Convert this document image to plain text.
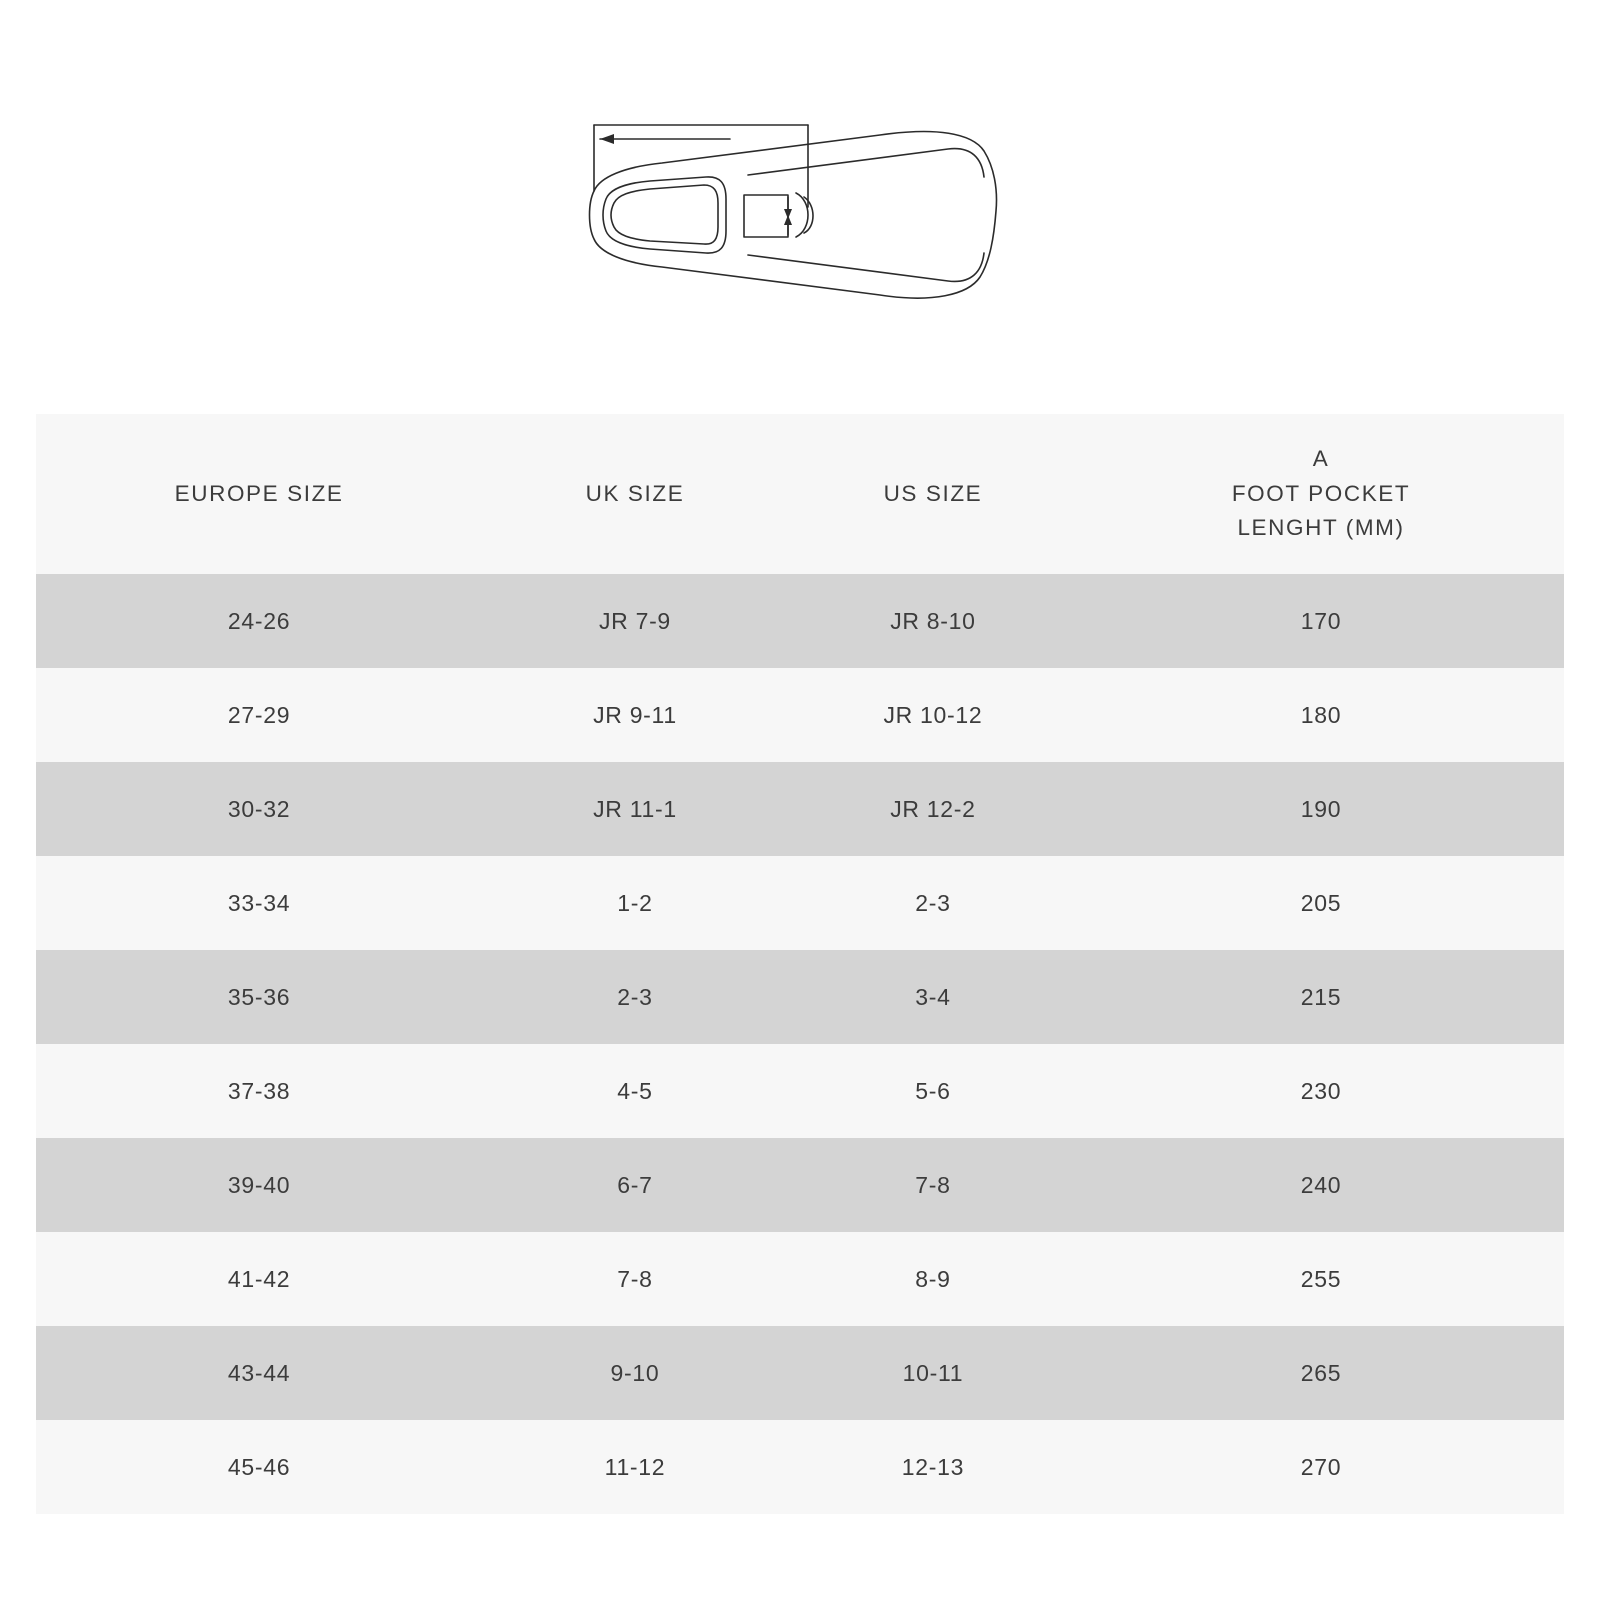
EUROPE SIZE	UK SIZE	US SIZE	A
FOOT POCKET
LENGHT (MM)

24-26	JR 7-9	JR 8-10	170
27-29	JR 9-11	JR 10-12	180
30-32	JR 11-1	JR 12-2	190
33-34	1-2	2-3	205
35-36	2-3	3-4	215
37-38	4-5	5-6	230
39-40	6-7	7-8	240
41-42	7-8	8-9	255
43-44	9-10	10-11	265
45-46	11-12	12-13	270
